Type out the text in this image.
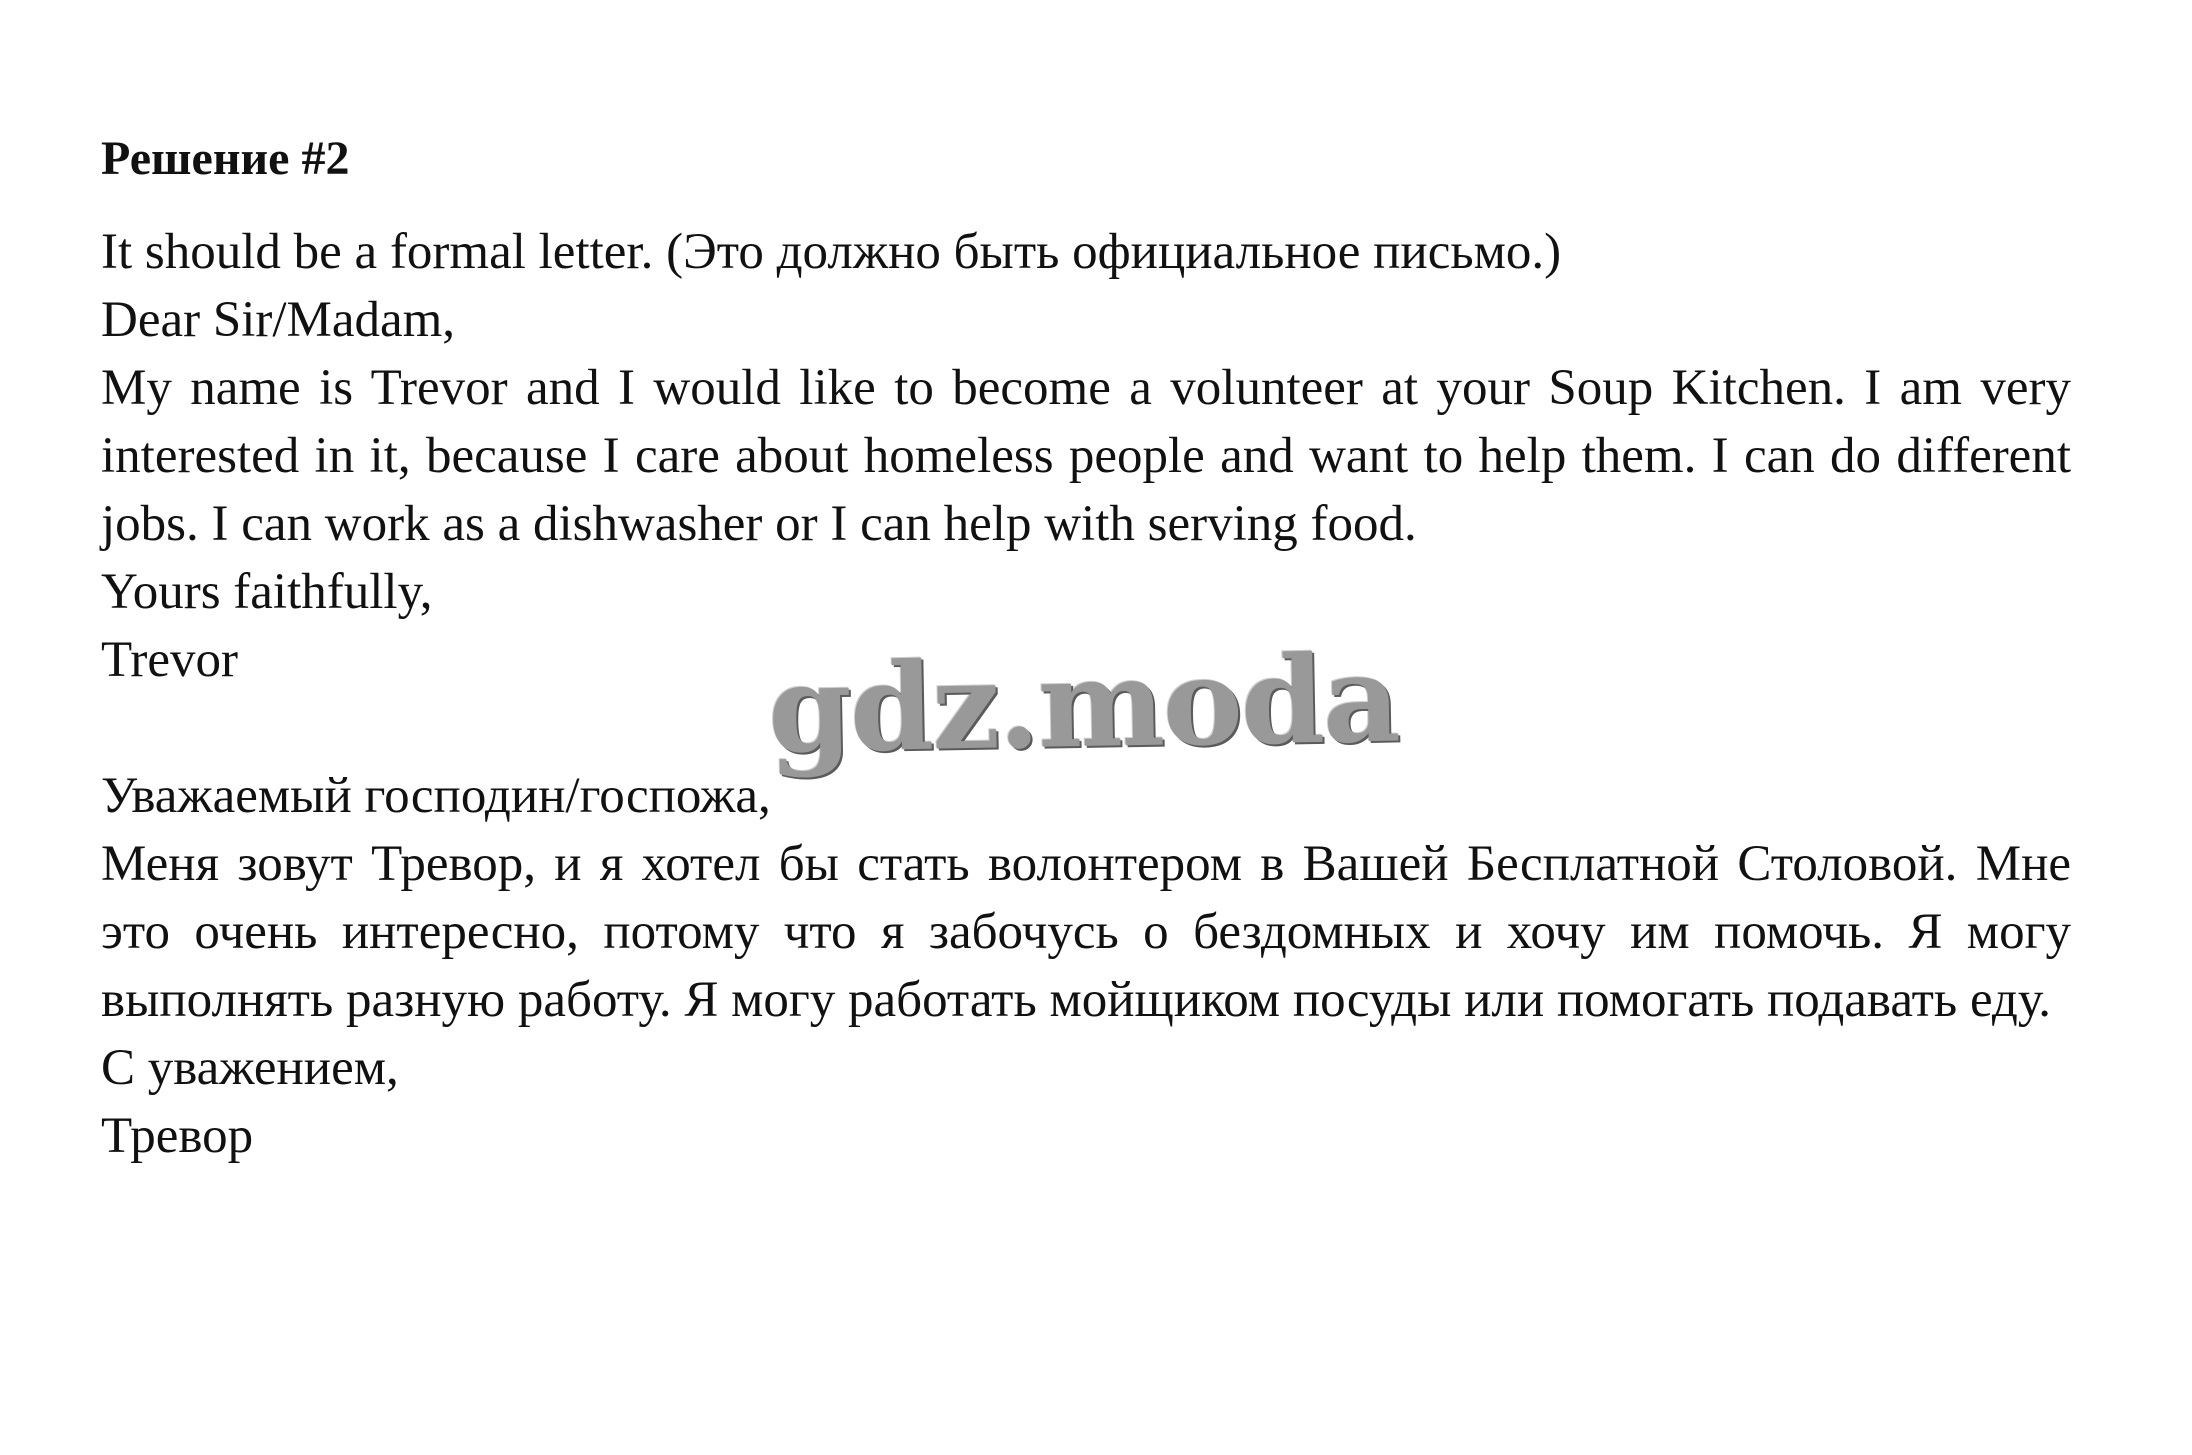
Решение #2

It should be a formal letter. (Это должно быть официальное письмо.)

Dear Sir/Madam,

My name is Trevor and I would like to become a volunteer at your Soup Kitchen. I am very interested in it, because I care about homeless people and want to help them. I can do different jobs. I can work as a dishwasher or I can help with serving food.

Yours faithfully,

Trevor

Уважаемый господин/госпожа,

Меня зовут Тревор, и я хотел бы стать волонтером в Вашей Бесплатной Столовой. Мне это очень интересно, потому что я забочусь о бездомных и хочу им помочь. Я могу выполнять разную работу. Я могу работать мойщиком посуды или помогать подавать еду.

С уважением,

Тревор

gdz.moda
